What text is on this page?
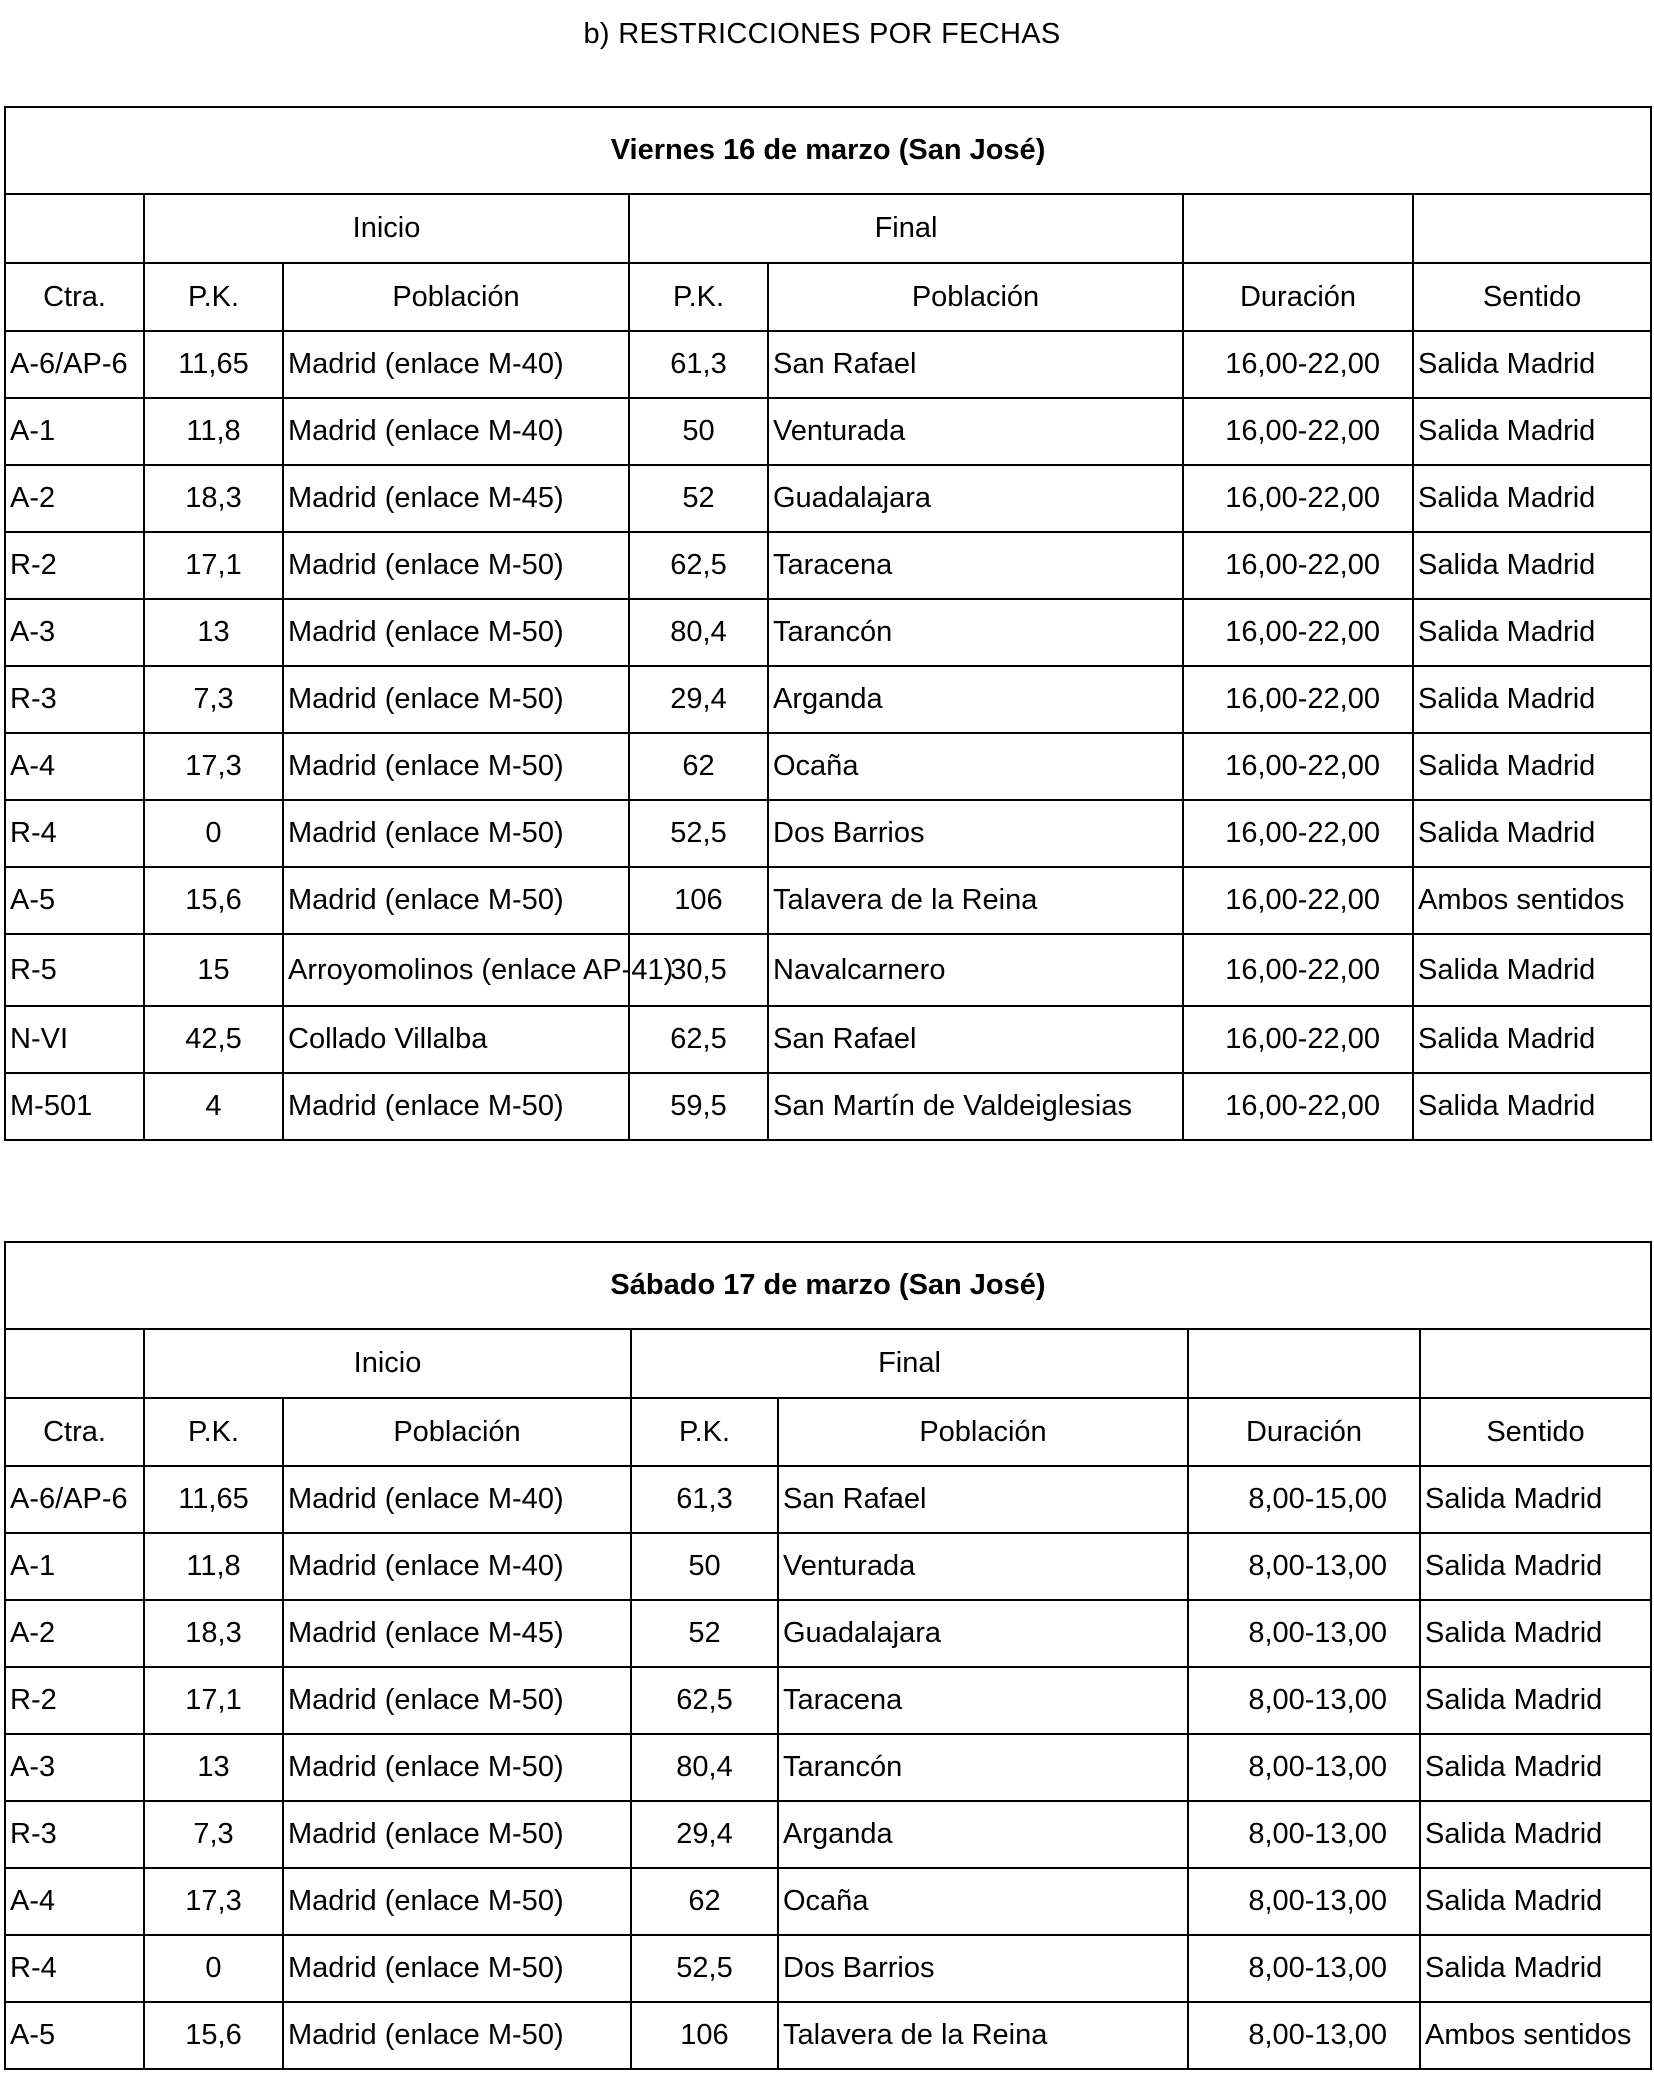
b) RESTRICCIONES POR FECHAS
Viernes 16 de marzo (San José)						
	Inicio		Final			
Ctra.	P.K.	Población	P.K.	Población	Duración	Sentido
A-6/AP-6	11,65	Madrid (enlace M-40)	61,3	San Rafael	16,00-22,00	Salida Madrid
A-1	11,8	Madrid (enlace M-40)	50	Venturada	16,00-22,00	Salida Madrid
A-2	18,3	Madrid (enlace M-45)	52	Guadalajara	16,00-22,00	Salida Madrid
R-2	17,1	Madrid (enlace M-50)	62,5	Taracena	16,00-22,00	Salida Madrid
A-3	13	Madrid (enlace M-50)	80,4	Tarancón	16,00-22,00	Salida Madrid
R-3	7,3	Madrid (enlace M-50)	29,4	Arganda	16,00-22,00	Salida Madrid
A-4	17,3	Madrid (enlace M-50)	62	Ocaña	16,00-22,00	Salida Madrid
R-4	0	Madrid (enlace M-50)	52,5	Dos Barrios	16,00-22,00	Salida Madrid
A-5	15,6	Madrid (enlace M-50)	106	Talavera de la Reina	16,00-22,00	Ambos sentidos
R-5	15	Arroyomolinos (enlace AP-41)	30,5	Navalcarnero	16,00-22,00	Salida Madrid
N-VI	42,5	Collado Villalba	62,5	San Rafael	16,00-22,00	Salida Madrid
M-501	4	Madrid (enlace M-50)	59,5	San Martín de Valdeiglesias	16,00-22,00	Salida Madrid
Sábado 17 de marzo (San José)						
	Inicio		Final			
Ctra.	P.K.	Población	P.K.	Población	Duración	Sentido
A-6/AP-6	11,65	Madrid (enlace M-40)	61,3	San Rafael	8,00-15,00	Salida Madrid
A-1	11,8	Madrid (enlace M-40)	50	Venturada	8,00-13,00	Salida Madrid
A-2	18,3	Madrid (enlace M-45)	52	Guadalajara	8,00-13,00	Salida Madrid
R-2	17,1	Madrid (enlace M-50)	62,5	Taracena	8,00-13,00	Salida Madrid
A-3	13	Madrid (enlace M-50)	80,4	Tarancón	8,00-13,00	Salida Madrid
R-3	7,3	Madrid (enlace M-50)	29,4	Arganda	8,00-13,00	Salida Madrid
A-4	17,3	Madrid (enlace M-50)	62	Ocaña	8,00-13,00	Salida Madrid
R-4	0	Madrid (enlace M-50)	52,5	Dos Barrios	8,00-13,00	Salida Madrid
A-5	15,6	Madrid (enlace M-50)	106	Talavera de la Reina	8,00-13,00	Ambos sentidos
